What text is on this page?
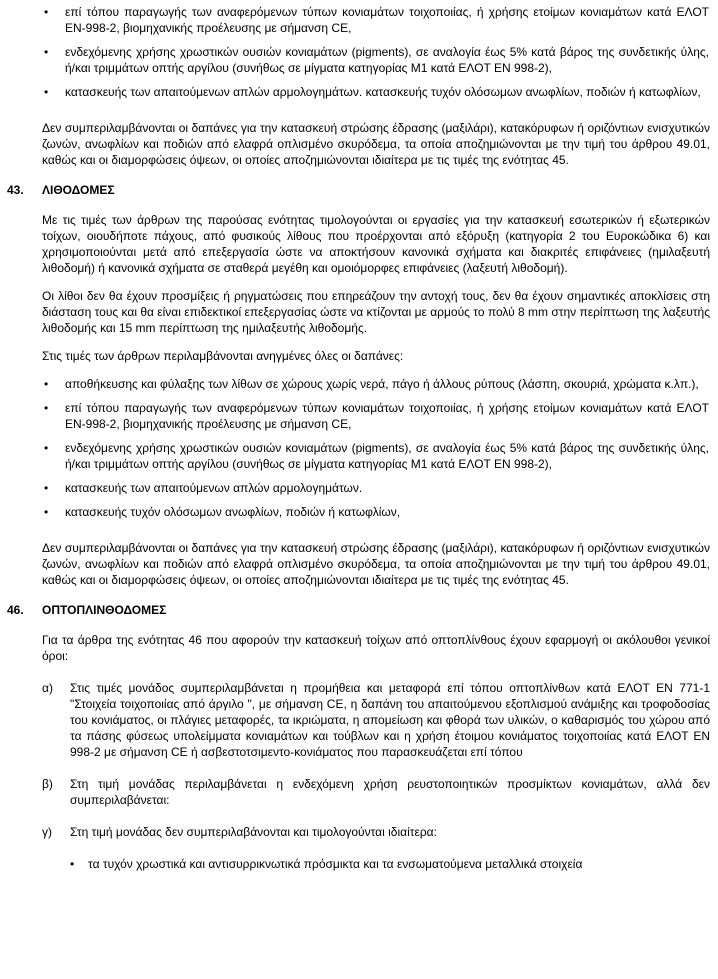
• επί τόπου παραγωγής των αναφερόμενων τύπων κονιαμάτων τοιχοποιίας, ή χρήσης ετοίμων κονιαμάτων κατά ΕΛΟΤ ΕΝ-998-2, βιομηχανικής προέλευσης με σήμανση CE,
• ενδεχόμενης χρήσης χρωστικών ουσιών κονιαμάτων (pigments), σε αναλογία έως 5% κατά βάρος της συνδετικής ύλης, ή/και τριμμάτων οπτής αργίλου (συνήθως σε μίγματα κατηγορίας Μ1 κατά ΕΛΟΤ ΕΝ 998-2),
• κατασκευής των απαιτούμενων απλών αρμολογημάτων. κατασκευής τυχόν ολόσωμων ανωφλίων, ποδιών ή κατωφλίων,
Δεν συμπεριλαμβάνονται οι δαπάνες για την κατασκευή στρώσης έδρασης (μαξιλάρι), κατακόρυφων ή οριζόντιων ενισχυτικών ζωνών, ανωφλίων και ποδιών από ελαφρά οπλισμένο σκυρόδεμα, τα οποία αποζημιώνονται με την τιμή του άρθρου 49.01, καθώς και οι διαμορφώσεις όψεων, οι οποίες αποζημιώνονται ιδιαίτερα με τις τιμές της ενότητας 45.
43. ΛΙΘΟΔΟΜΕΣ
Με τις τιμές των άρθρων της παρούσας ενότητας τιμολογούνται οι εργασίες για την κατασκευή εσωτερικών ή εξωτερικών τοίχων, οιουδήποτε πάχους, από φυσικούς λίθους που προέρχονται από εξόρυξη (κατηγορία 2 του Ευροκώδικα 6) και χρησιμοποιούνται μετά από επεξεργασία ώστε να αποκτήσουν κανονικά σχήματα και διακριτές επιφάνειες (ημιλαξευτή λιθοδομή) ή κανονικά σχήματα σε σταθερά μεγέθη και ομοιόμορφες επιφάνειες (λαξευτή λιθοδομή).
Οι λίθοι δεν θα έχουν προσμίξεις ή ρηγματώσεις που επηρεάζουν την αντοχή τους, δεν θα έχουν σημαντικές αποκλίσεις στη διάσταση τους και θα είναι επιδεκτικοί επεξεργασίας ώστε να κτίζονται με αρμούς το πολύ 8 mm στην περίπτωση της λαξευτής λιθοδομής και 15 mm περίπτωση της ημιλαξευτής λιθοδομής.
Στις τιμές των άρθρων περιλαμβάνονται ανηγμένες όλες οι δαπάνες:
• αποθήκευσης και φύλαξης των λίθων σε χώρους χωρίς νερά, πάγο ή άλλους ρύπους (λάσπη, σκουριά, χρώματα κ.λπ.),
• επί τόπου παραγωγής των αναφερόμενων τύπων κονιαμάτων τοιχοποιίας, ή χρήσης ετοίμων κονιαμάτων κατά ΕΛΟΤ ΕΝ-998-2, βιομηχανικής προέλευσης με σήμανση CE,
• ενδεχόμενης χρήσης χρωστικών ουσιών κονιαμάτων (pigments), σε αναλογία έως 5% κατά βάρος της συνδετικής ύλης, ή/και τριμμάτων οπτής αργίλου (συνήθως σε μίγματα κατηγορίας Μ1 κατά ΕΛΟΤ ΕΝ 998-2),
• κατασκευής των απαιτούμενων απλών αρμολογημάτων.
• κατασκευής τυχόν ολόσωμων ανωφλίων, ποδιών ή κατωφλίων,
Δεν συμπεριλαμβάνονται οι δαπάνες για την κατασκευή στρώσης έδρασης (μαξιλάρι), κατακόρυφων ή οριζόντιων ενισχυτικών ζωνών, ανωφλίων και ποδιών από ελαφρά οπλισμένο σκυρόδεμα, τα οποία αποζημιώνονται με την τιμή του άρθρου 49.01, καθώς και οι διαμορφώσεις όψεων, οι οποίες αποζημιώνονται ιδιαίτερα με τις τιμές της ενότητας 45.
46. ΟΠΤΟΠΛΙΝΘΟΔΟΜΕΣ
Για τα άρθρα της ενότητας 46 που αφορούν την κατασκευή τοίχων από οπτοπλίνθους έχουν εφαρμογή οι ακόλουθοι γενικοί όροι:
α) Στις τιμές μονάδος συμπεριλαμβάνεται η προμήθεια και μεταφορά επί τόπου οπτοπλίνθων κατά ΕΛΟΤ ΕΝ 771-1 "Στοιχεία τοιχοποιίας από άργιλο ", με σήμανση CE, η δαπάνη του απαιτούμενου εξοπλισμού ανάμιξης και τροφοδοσίας του κονιάματος, οι πλάγιες μεταφορές, τα ικριώματα, η απομείωση και φθορά των υλικών, ο καθαρισμός του χώρου από τα πάσης φύσεως υπολείμματα κονιαμάτων και τούβλων και η χρήση έτοιμου κονιάματος τοιχοποιίας κατά ΕΛΟΤ ΕΝ 998-2 με σήμανση CE ή ασβεστοτσιμεντο-κονιάματος που παρασκευάζεται επί τόπου
β) Στη τιμή μονάδας περιλαμβάνεται η ενδεχόμενη χρήση ρευστοποιητικών προσμίκτων κονιαμάτων, αλλά δεν συμπεριλαβάνεται:
γ) Στη τιμή μονάδας δεν συμπεριλαβάνονται και τιμολογούνται ιδιαίτερα:
• τα τυχόν χρωστικά και αντισυρρικνωτικά πρόσμικτα και τα ενσωματούμενα μεταλλικά στοιχεία
